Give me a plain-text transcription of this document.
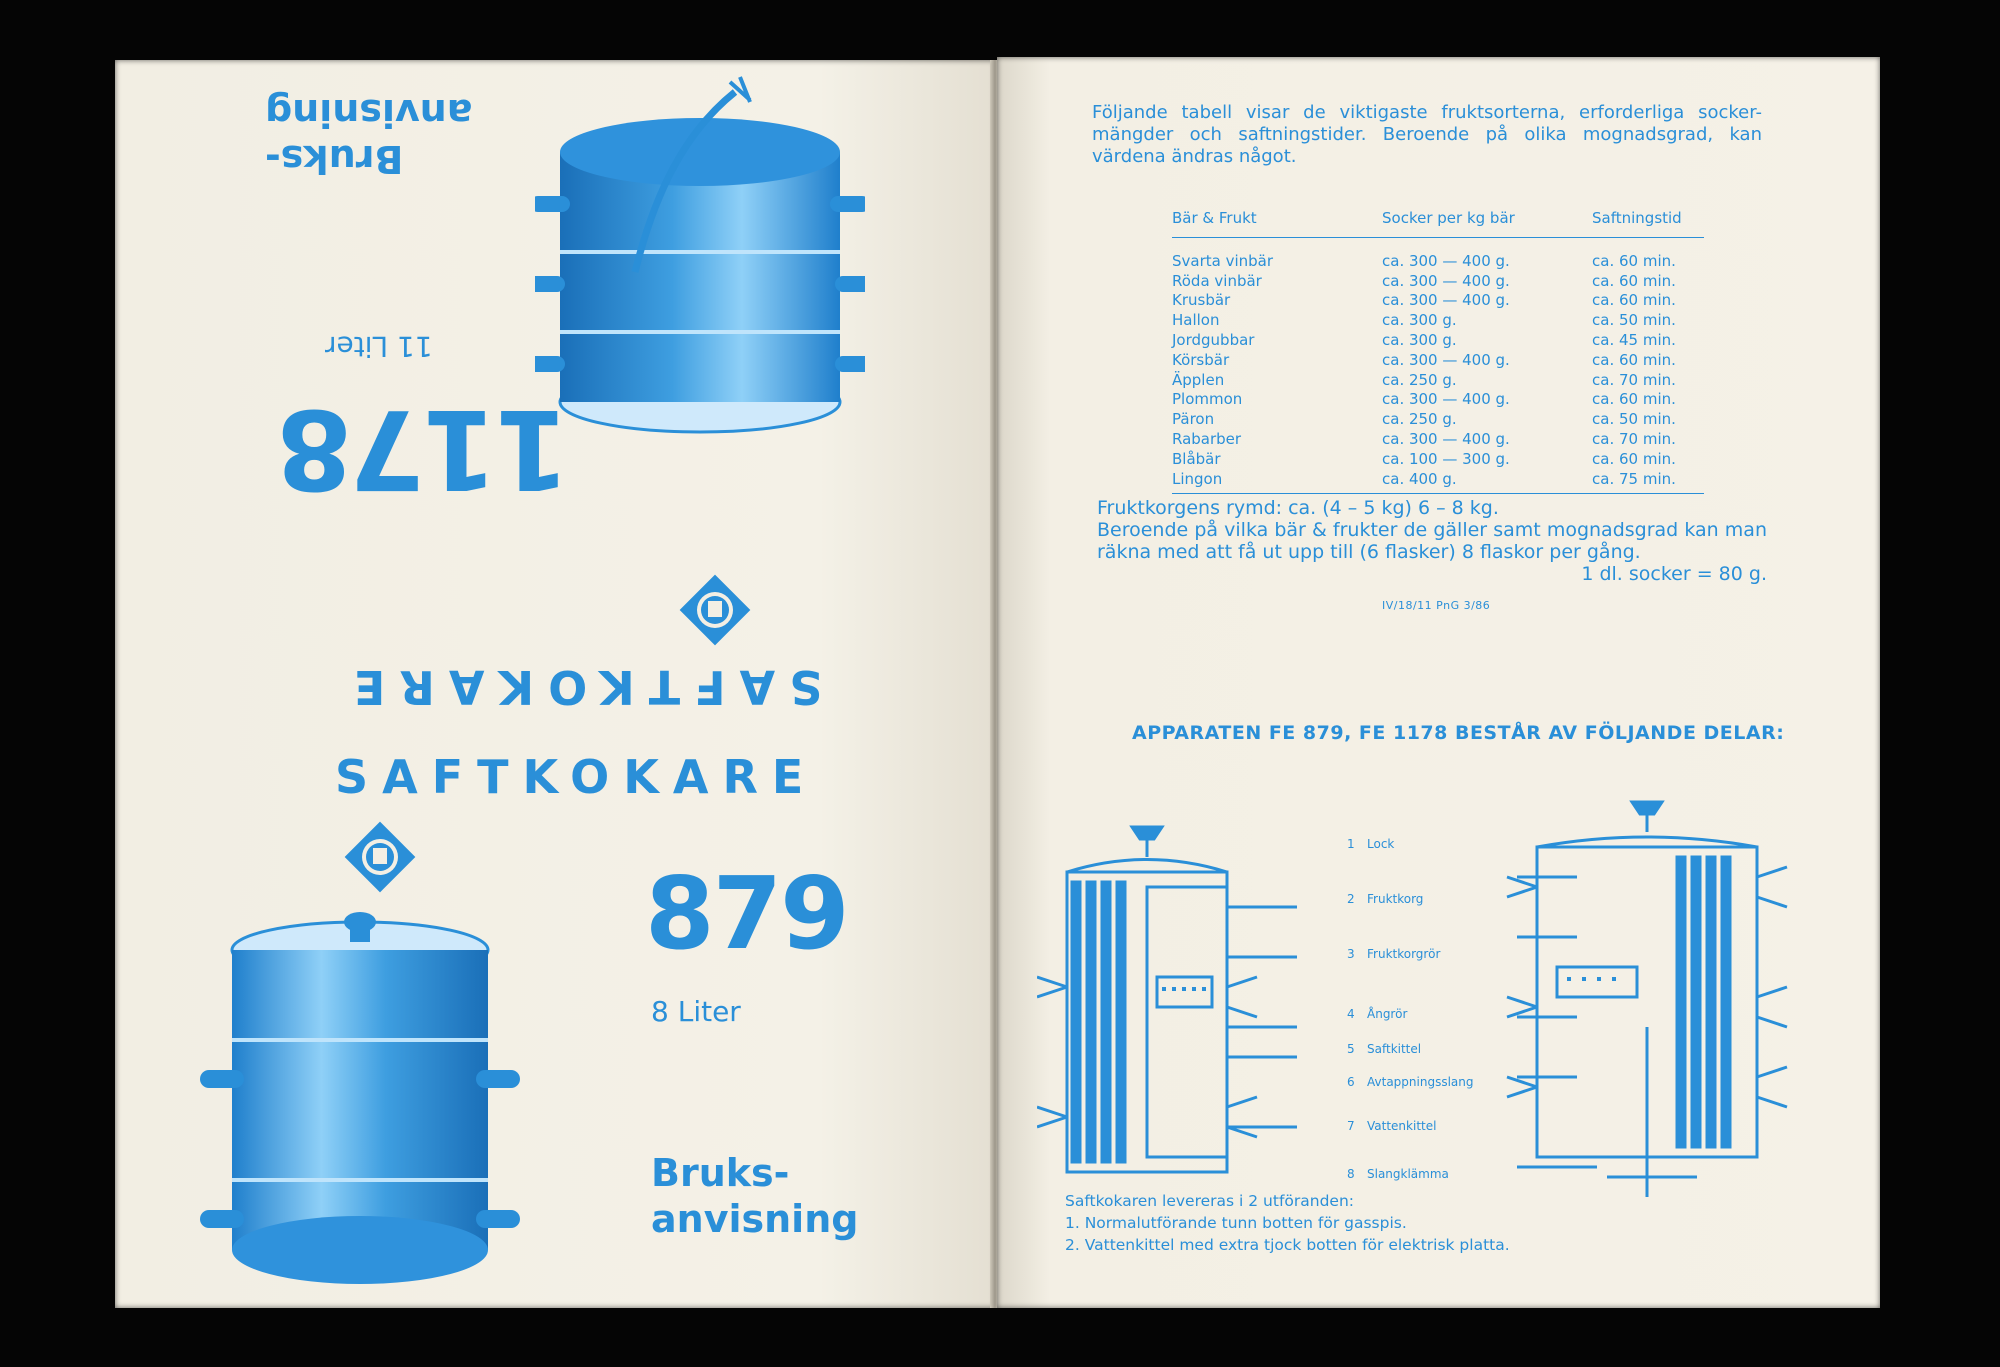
Bruks-
anvisning
11 Liter
1178
SAFTKOKARE
SAFTKOKARE
879
8 Liter
Bruks-
anvisning
Följande tabell visar de viktigaste fruktsorterna, erforderliga socker-mängder och saftningstider. Beroende på olika mognadsgrad, kan värdena ändras något.
Bär & Frukt	Socker per kg bär	Saftningstid
Svarta vinbär	ca. 300 — 400 g.	ca. 60 min.
Röda vinbär	ca. 300 — 400 g.	ca. 60 min.
Krusbär	ca. 300 — 400 g.	ca. 60 min.
Hallon	ca. 300 g.	ca. 50 min.
Jordgubbar	ca. 300 g.	ca. 45 min.
Körsbär	ca. 300 — 400 g.	ca. 60 min.
Äpplen	ca. 250 g.	ca. 70 min.
Plommon	ca. 300 — 400 g.	ca. 60 min.
Päron	ca. 250 g.	ca. 50 min.
Rabarber	ca. 300 — 400 g.	ca. 70 min.
Blåbär	ca. 100 — 300 g.	ca. 60 min.
Lingon	ca. 400 g.	ca. 75 min.
Fruktkorgens rymd: ca. (4 – 5 kg) 6 – 8 kg.
Beroende på vilka bär & frukter de gäller samt mognadsgrad kan man räkna med att få ut upp till (6 flasker) 8 flaskor per gång.
1 dl. socker = 80 g.
IV/18/11 PnG 3/86
APPARATEN FE 879, FE 1178 BESTÅR AV FÖLJANDE DELAR:
1 Lock
2 Fruktkorg
3 Fruktkorgrör
4 Ångrör
5 Saftkittel
6 Avtappningsslang
7 Vattenkittel
8 Slangklämma
Saftkokaren levereras i 2 utföranden:
1. Normalutförande tunn botten för gasspis.
2. Vattenkittel med extra tjock botten för elektrisk platta.
